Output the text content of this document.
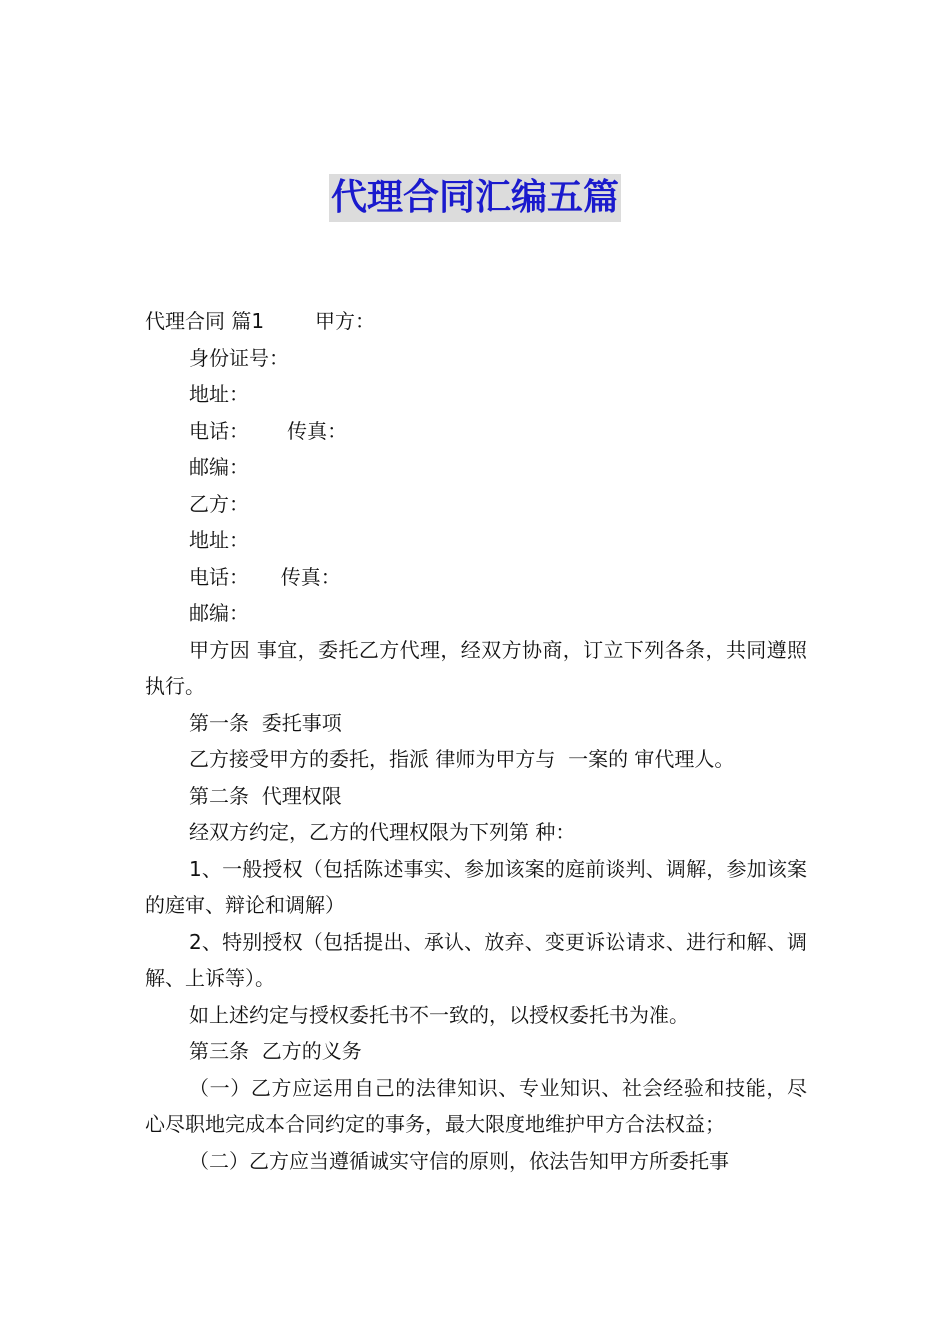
代理合同汇编五篇

代理合同 篇1        甲方：

身份证号：

地址：

电话：      传真：

邮编：

乙方：

地址：

电话：     传真：

邮编：

甲方因 事宜，委托乙方代理，经双方协商，订立下列各条，共同遵照执行。

第一条  委托事项

乙方接受甲方的委托，指派 律师为甲方与  一案的 审代理人。

第二条  代理权限

经双方约定，乙方的代理权限为下列第 种：

1、一般授权（包括陈述事实、参加该案的庭前谈判、调解，参加该案的庭审、辩论和调解）

2、特别授权（包括提出、承认、放弃、变更诉讼请求、进行和解、调解、上诉等）。

如上述约定与授权委托书不一致的，以授权委托书为准。

第三条  乙方的义务

（一）乙方应运用自己的法律知识、专业知识、社会经验和技能，尽心尽职地完成本合同约定的事务，最大限度地维护甲方合法权益；

（二）乙方应当遵循诚实守信的原则，依法告知甲方所委托事
